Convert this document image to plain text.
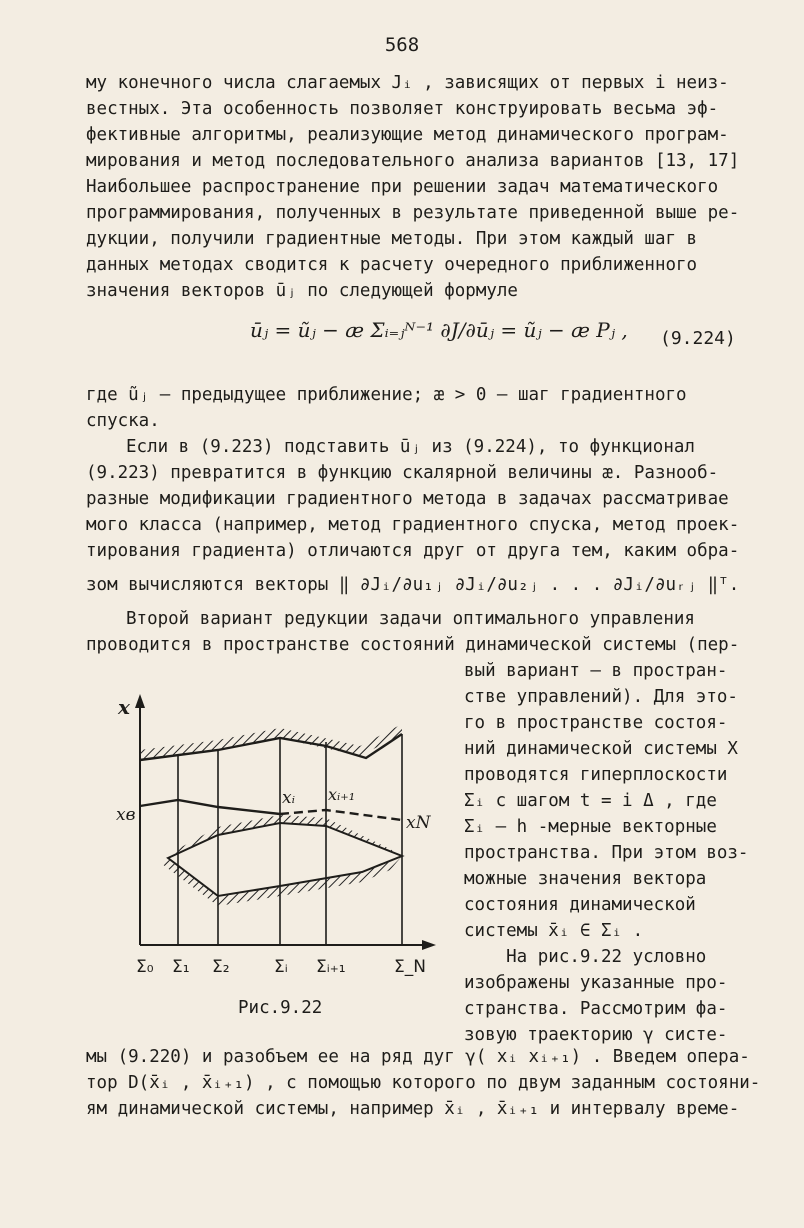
568
му конечного числа слагаемых Jᵢ , зависящих от первых i неиз-
вестных. Эта особенность позволяет конструировать весьма эф-
фективные алгоритмы, реализующие метод динамического програм-
мирования и метод последовательного анализа вариантов [13, 17]
Наибольшее распространение при решении задач математического
программирования, полученных в результате приведенной выше ре-
дукции, получили градиентные методы. При этом каждый шаг в
данных методах сводится к расчету очередного приближенного
значения векторов ūⱼ по следующей формуле
ūⱼ = ũⱼ − æ Σᵢ₌ⱼᴺ⁻¹ ∂J/∂ūⱼ = ũⱼ − æ Pⱼ , (9.224)
где ũⱼ – предыдущее приближение; æ > 0 – шаг градиентного
спуска.
Если в (9.223) подставить ūⱼ из (9.224), то функционал
(9.223) превратится в функцию скалярной величины æ. Разнооб-
разные модификации градиентного метода в задачах рассматривае
мого класса (например, метод градиентного спуска, метод проек-
тирования градиента) отличаются друг от друга тем, каким обра-
зом вычисляются векторы ‖ ∂Jᵢ/∂u₁ⱼ ∂Jᵢ/∂u₂ⱼ . . . ∂Jᵢ/∂uᵣⱼ ‖ᵀ.
Второй вариант редукции задачи оптимального управления
проводится в пространстве состояний динамической системы (пер-
вый вариант – в простран-
стве управлений). Для это-
го в пространстве состоя-
ний динамической системы X
проводятся гиперплоскости
Σᵢ с шагом t = i Δ , где
Σᵢ – h -мерные векторные
пространства. При этом воз-
можные значения вектора
состояния динамической
системы x̄ᵢ ∈ Σᵢ .
На рис.9.22 условно
изображены указанные про-
странства. Рассмотрим фа-
зовую траекторию γ систе-
x
xв	xN
xᵢ xᵢ₊₁
Σ₀ Σ₁ Σ₂	Σᵢ Σᵢ₊₁	Σ_N
Рис.9.22
мы (9.220) и разобъем ее на ряд дуг γ( xᵢ xᵢ₊₁) . Введем опера-
тор D(x̄ᵢ , x̄ᵢ₊₁) , с помощью которого по двум заданным состояни-
ям динамической системы, например x̄ᵢ , x̄ᵢ₊₁ и интервалу време-
